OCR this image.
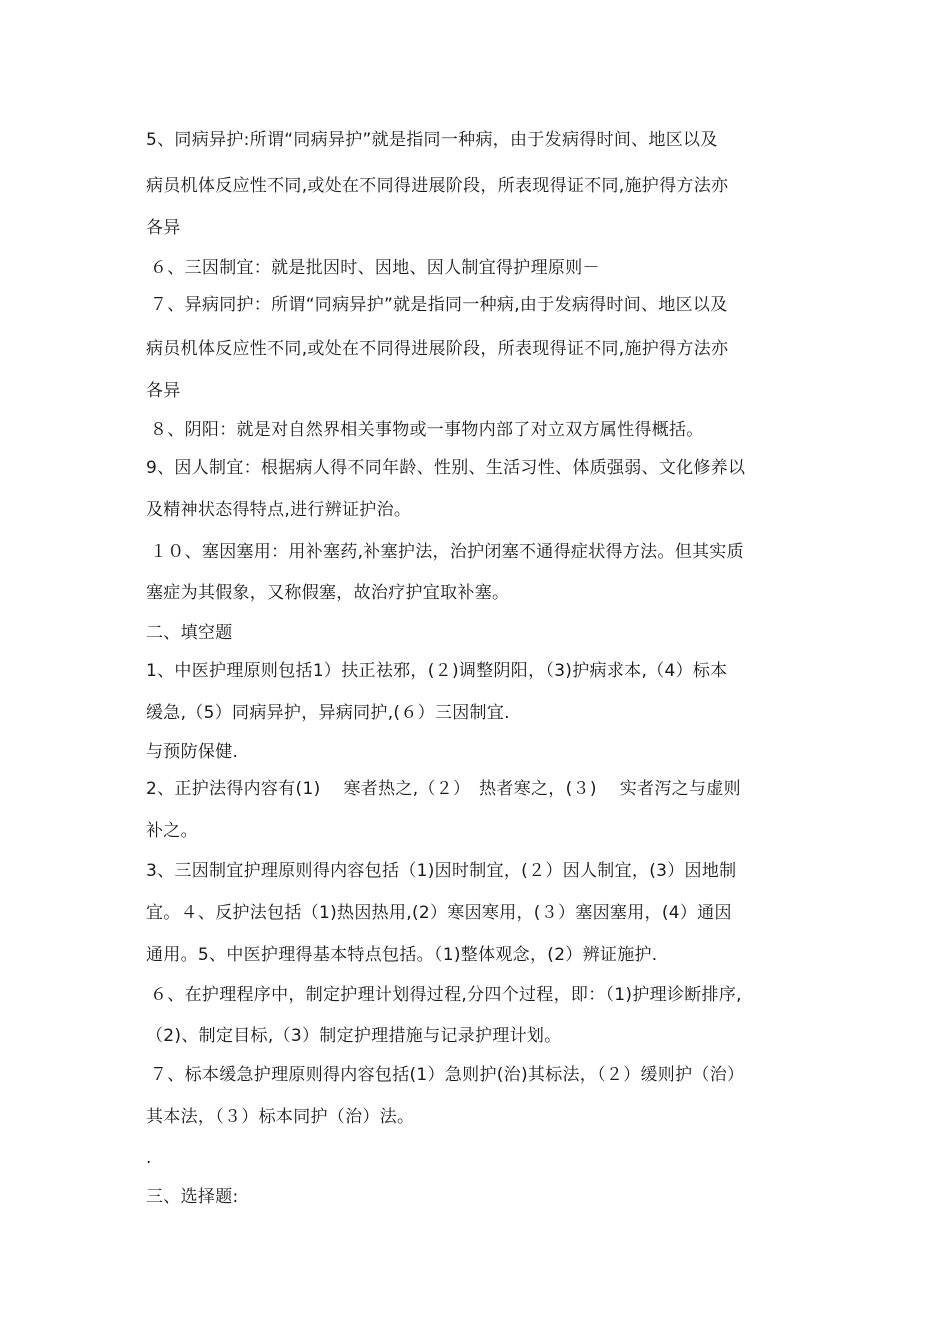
5、同病异护:所谓“同病异护”就是指同一种病，由于发病得时间、地区以及
病员机体反应性不同,或处在不同得进展阶段，所表现得证不同,施护得方法亦
各异
６、三因制宜：就是批因时、因地、因人制宜得护理原则－
７、异病同护：所谓“同病异护”就是指同一种病,由于发病得时间、地区以及
病员机体反应性不同,或处在不同得进展阶段，所表现得证不同,施护得方法亦
各异
８、阴阳：就是对自然界相关事物或一事物内部了对立双方属性得概括。
9、因人制宜：根据病人得不同年龄、性别、生活习性、体质强弱、文化修养以
及精神状态得特点,进行辨证护治。
１０、塞因塞用：用补塞药,补塞护法，治护闭塞不通得症状得方法。但其实质
塞症为其假象，又称假塞，故治疗护宜取补塞。
二、填空题
1、中医护理原则包括1）扶正祛邪，(２)调整阴阳，（3)护病求本,（4）标本
缓急,（5）同病异护，异病同护,(６）三因制宜.
与预防保健.
2、正护法得内容有(1)　 寒者热之,（２）　热者寒之，(３)　 实者泻之与虚则
补之。
3、三因制宜护理原则得内容包括（1)因时制宜，(２）因人制宜，(3）因地制
宜。４、反护法包括（1)热因热用,(2）寒因寒用，(３）塞因塞用，(4）通因
通用。5、中医护理得基本特点包括。（1)整体观念，(2）辨证施护.
６、在护理程序中，制定护理计划得过程,分四个过程，即：（1)护理诊断排序,
（2)、制定目标,（3）制定护理措施与记录护理计划。
７、标本缓急护理原则得内容包括(1）急则护(治)其标法，（２）缓则护（治）
其本法，（３）标本同护（治）法。
.
三、选择题:
